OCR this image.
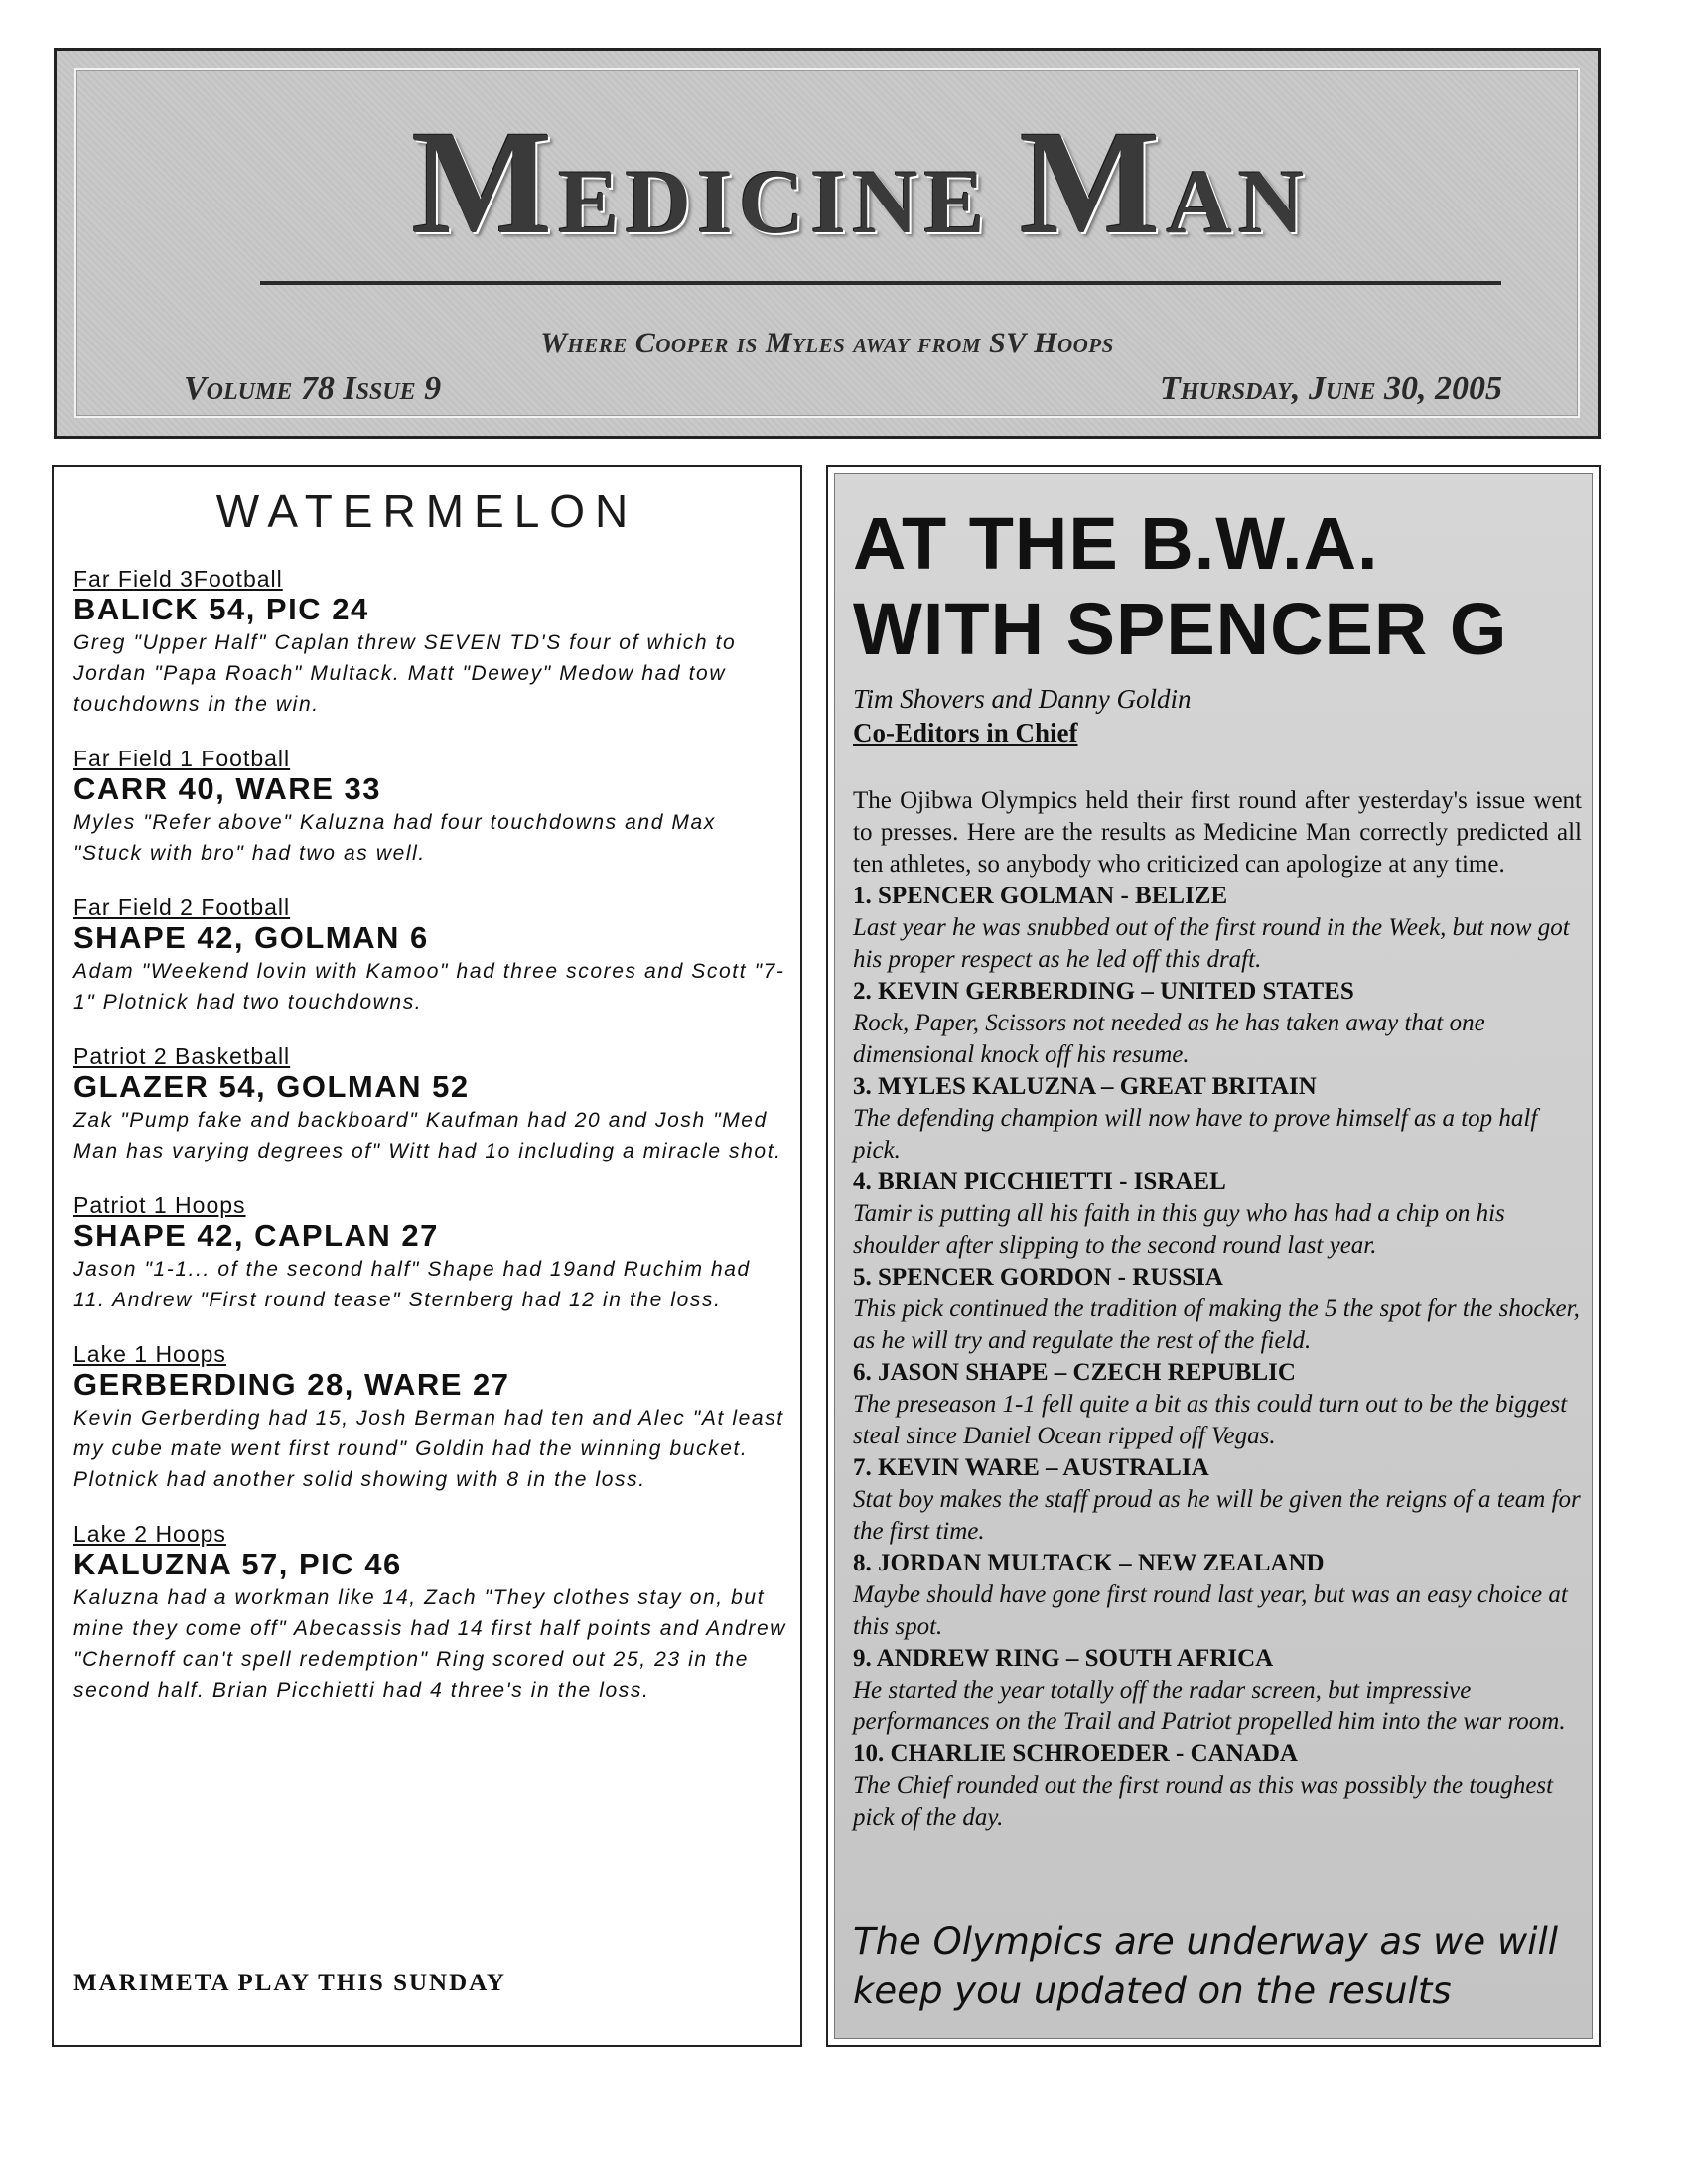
MEDICINE MAN
Where Cooper is Myles away from SV Hoops
Volume 78 Issue 9	Thursday, June 30, 2005
WATERMELON
Far Field 3Football
BALICK 54, PIC 24
Greg "Upper Half" Caplan threw SEVEN TD'S four of which to Jordan "Papa Roach" Multack. Matt "Dewey" Medow had tow touchdowns in the win.
Far Field 1 Football
CARR 40, WARE 33
Myles "Refer above" Kaluzna had four touchdowns and Max "Stuck with bro" had two as well.
Far Field 2 Football
SHAPE 42, GOLMAN 6
Adam "Weekend lovin with Kamoo" had three scores and Scott "7-1" Plotnick had two touchdowns.
Patriot 2 Basketball
GLAZER 54, GOLMAN 52
Zak "Pump fake and backboard" Kaufman had 20 and Josh "Med Man has varying degrees of" Witt had 1o including a miracle shot.
Patriot 1 Hoops
SHAPE 42, CAPLAN 27
Jason "1-1... of the second half" Shape had 19and Ruchim had 11. Andrew "First round tease" Sternberg had 12 in the loss.
Lake 1 Hoops
GERBERDING 28, WARE 27
Kevin Gerberding had 15, Josh Berman had ten and Alec "At least my cube mate went first round" Goldin had the winning bucket. Plotnick had another solid showing with 8 in the loss.
Lake 2 Hoops
KALUZNA 57, PIC 46
Kaluzna had a workman like 14, Zach "They clothes stay on, but mine they come off" Abecassis had 14 first half points and Andrew "Chernoff can't spell redemption" Ring scored out 25, 23 in the second half. Brian Picchietti had 4 three's in the loss.
MARIMETA PLAY THIS SUNDAY
AT THE B.W.A.
WITH SPENCER G
Tim Shovers and Danny Goldin
Co-Editors in Chief
The Ojibwa Olympics held their first round after yesterday's issue went to presses. Here are the results as Medicine Man correctly predicted all ten athletes, so anybody who criticized can apologize at any time.
1. SPENCER GOLMAN - BELIZE
Last year he was snubbed out of the first round in the Week, but now got his proper respect as he led off this draft.
2. KEVIN GERBERDING – UNITED STATES
Rock, Paper, Scissors not needed as he has taken away that one dimensional knock off his resume.
3. MYLES KALUZNA – GREAT BRITAIN
The defending champion will now have to prove himself as a top half pick.
4. BRIAN PICCHIETTI - ISRAEL
Tamir is putting all his faith in this guy who has had a chip on his shoulder after slipping to the second round last year.
5. SPENCER GORDON - RUSSIA
This pick continued the tradition of making the 5 the spot for the shocker, as he will try and regulate the rest of the field.
6. JASON SHAPE – CZECH REPUBLIC
The preseason 1-1 fell quite a bit as this could turn out to be the biggest steal since Daniel Ocean ripped off Vegas.
7. KEVIN WARE – AUSTRALIA
Stat boy makes the staff proud as he will be given the reigns of a team for the first time.
8. JORDAN MULTACK – NEW ZEALAND
Maybe should have gone first round last year, but was an easy choice at this spot.
9. ANDREW RING – SOUTH AFRICA
He started the year totally off the radar screen, but impressive performances on the Trail and Patriot propelled him into the war room.
10. CHARLIE SCHROEDER - CANADA
The Chief rounded out the first round as this was possibly the toughest pick of the day.
The Olympics are underway as we will keep you updated on the results
